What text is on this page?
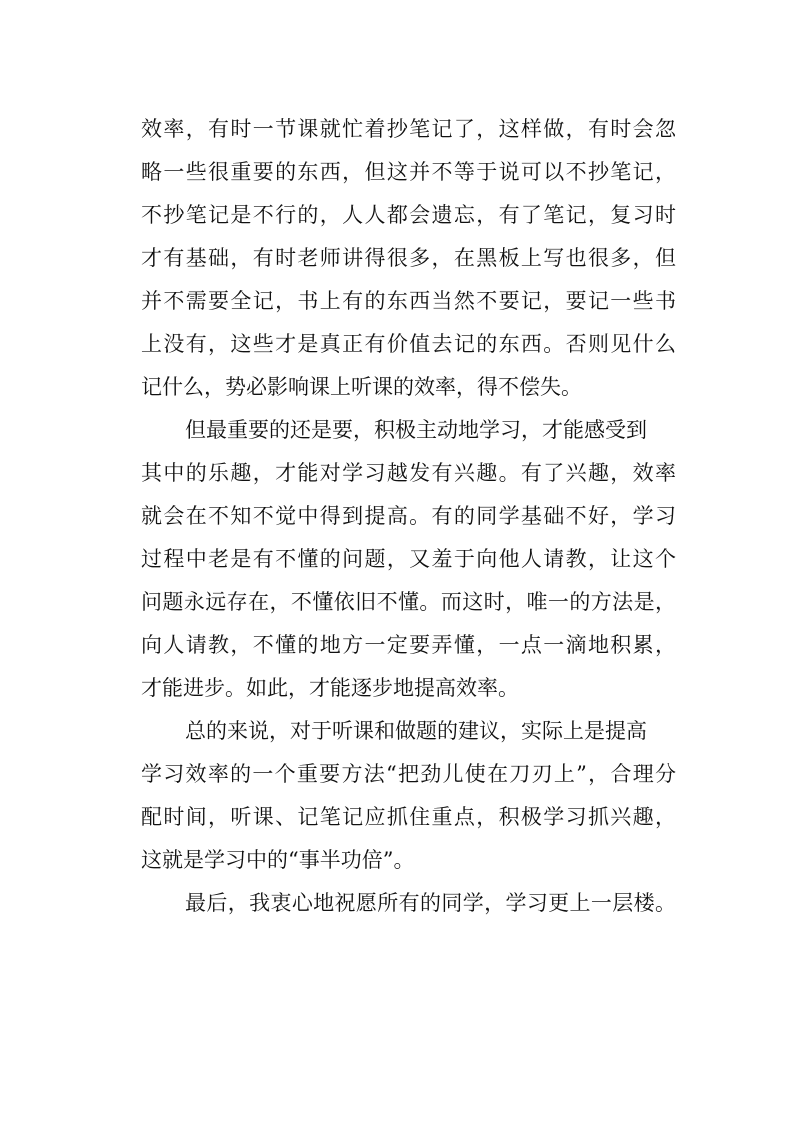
效率，有时一节课就忙着抄笔记了，这样做，有时会忽
略一些很重要的东西，但这并不等于说可以不抄笔记，
不抄笔记是不行的，人人都会遗忘，有了笔记，复习时
才有基础，有时老师讲得很多，在黑板上写也很多，但
并不需要全记，书上有的东西当然不要记，要记一些书
上没有，这些才是真正有价值去记的东西。否则见什么
记什么，势必影响课上听课的效率，得不偿失。
但最重要的还是要，积极主动地学习，才能感受到
其中的乐趣，才能对学习越发有兴趣。有了兴趣，效率
就会在不知不觉中得到提高。有的同学基础不好，学习
过程中老是有不懂的问题，又羞于向他人请教，让这个
问题永远存在，不懂依旧不懂。而这时，唯一的方法是，
向人请教，不懂的地方一定要弄懂，一点一滴地积累，
才能进步。如此，才能逐步地提高效率。
总的来说，对于听课和做题的建议，实际上是提高
学习效率的一个重要方法“把劲儿使在刀刃上”，合理分
配时间，听课、记笔记应抓住重点，积极学习抓兴趣，
这就是学习中的“事半功倍”。
最后，我衷心地祝愿所有的同学，学习更上一层楼。
